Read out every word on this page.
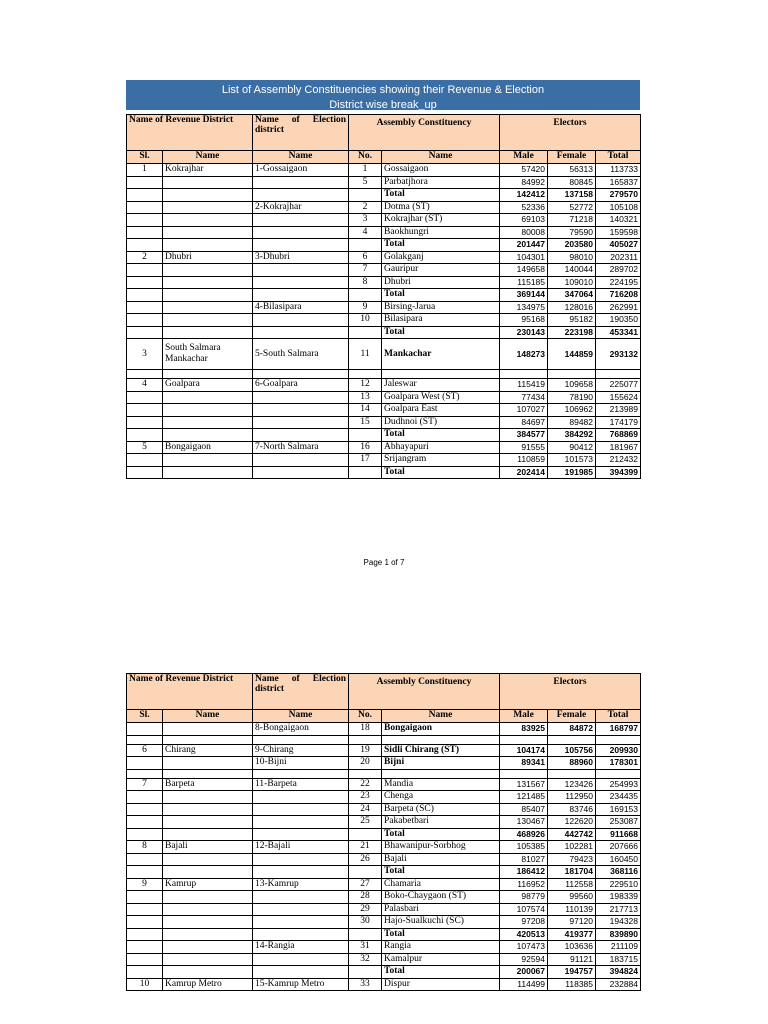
List of Assembly Constituencies showing their Revenue & Election
District wise break_up
Name of Revenue District		Name of Election district	Assembly Constituency		Electors		
Sl.	Name	Name	No.	Name	Male	Female	Total
1	Kokrajhar	1-Gossaigaon	1	Gossaigaon	57420	56313	113733
			5	Parbatjhora	84992	80845	165837
				Total	142412	137158	279570
		2-Kokrajhar	2	Dotma (ST)	52336	52772	105108
			3	Kokrajhar (ST)	69103	71218	140321
			4	Baokhungri	80008	79590	159598
				Total	201447	203580	405027
2	Dhubri	3-Dhubri	6	Golakganj	104301	98010	202311
			7	Gauripur	149658	140044	289702
			8	Dhubri	115185	109010	224195
				Total	369144	347064	716208
		4-Bilasipara	9	Birsing-Jarua	134975	128016	262991
			10	Bilasipara	95168	95182	190350
				Total	230143	223198	453341
3	South Salmara Mankachar	5-South Salmara	11	Mankachar	148273	144859	293132

4	Goalpara	6-Goalpara	12	Jaleswar	115419	109658	225077
			13	Goalpara West (ST)	77434	78190	155624
			14	Goalpara East	107027	106962	213989
			15	Dudhnoi (ST)	84697	89482	174179
				Total	384577	384292	768869
5	Bongaigaon	7-North Salmara	16	Abhayapuri	91555	90412	181967
			17	Srijangram	110859	101573	212432
				Total	202414	191985	394399
Page 1 of 7
Name of Revenue District		Name of Election district	Assembly Constituency		Electors		
Sl.	Name	Name	No.	Name	Male	Female	Total
		8-Bongaigaon	18	Bongaigaon	83925	84872	168797

6	Chirang	9-Chirang	19	Sidli Chirang (ST)	104174	105756	209930
		10-Bijni	20	Bijni	89341	88960	178301

7	Barpeta	11-Barpeta	22	Mandia	131567	123426	254993
			23	Chenga	121485	112950	234435
			24	Barpeta (SC)	85407	83746	169153
			25	Pakabetbari	130467	122620	253087
				Total	468926	442742	911668
8	Bajali	12-Bajali	21	Bhawanipur-Sorbhog	105385	102281	207666
			26	Bajali	81027	79423	160450
				Total	186412	181704	368116
9	Kamrup	13-Kamrup	27	Chamaria	116952	112558	229510
			28	Boko-Chaygaon (ST)	98779	99560	198339
			29	Palasbari	107574	110139	217713
			30	Hajo-Sualkuchi (SC)	97208	97120	194328
				Total	420513	419377	839890
		14-Rangia	31	Rangia	107473	103636	211109
			32	Kamalpur	92594	91121	183715
				Total	200067	194757	394824
10	Kamrup Metro	15-Kamrup Metro	33	Dispur	114499	118385	232884
